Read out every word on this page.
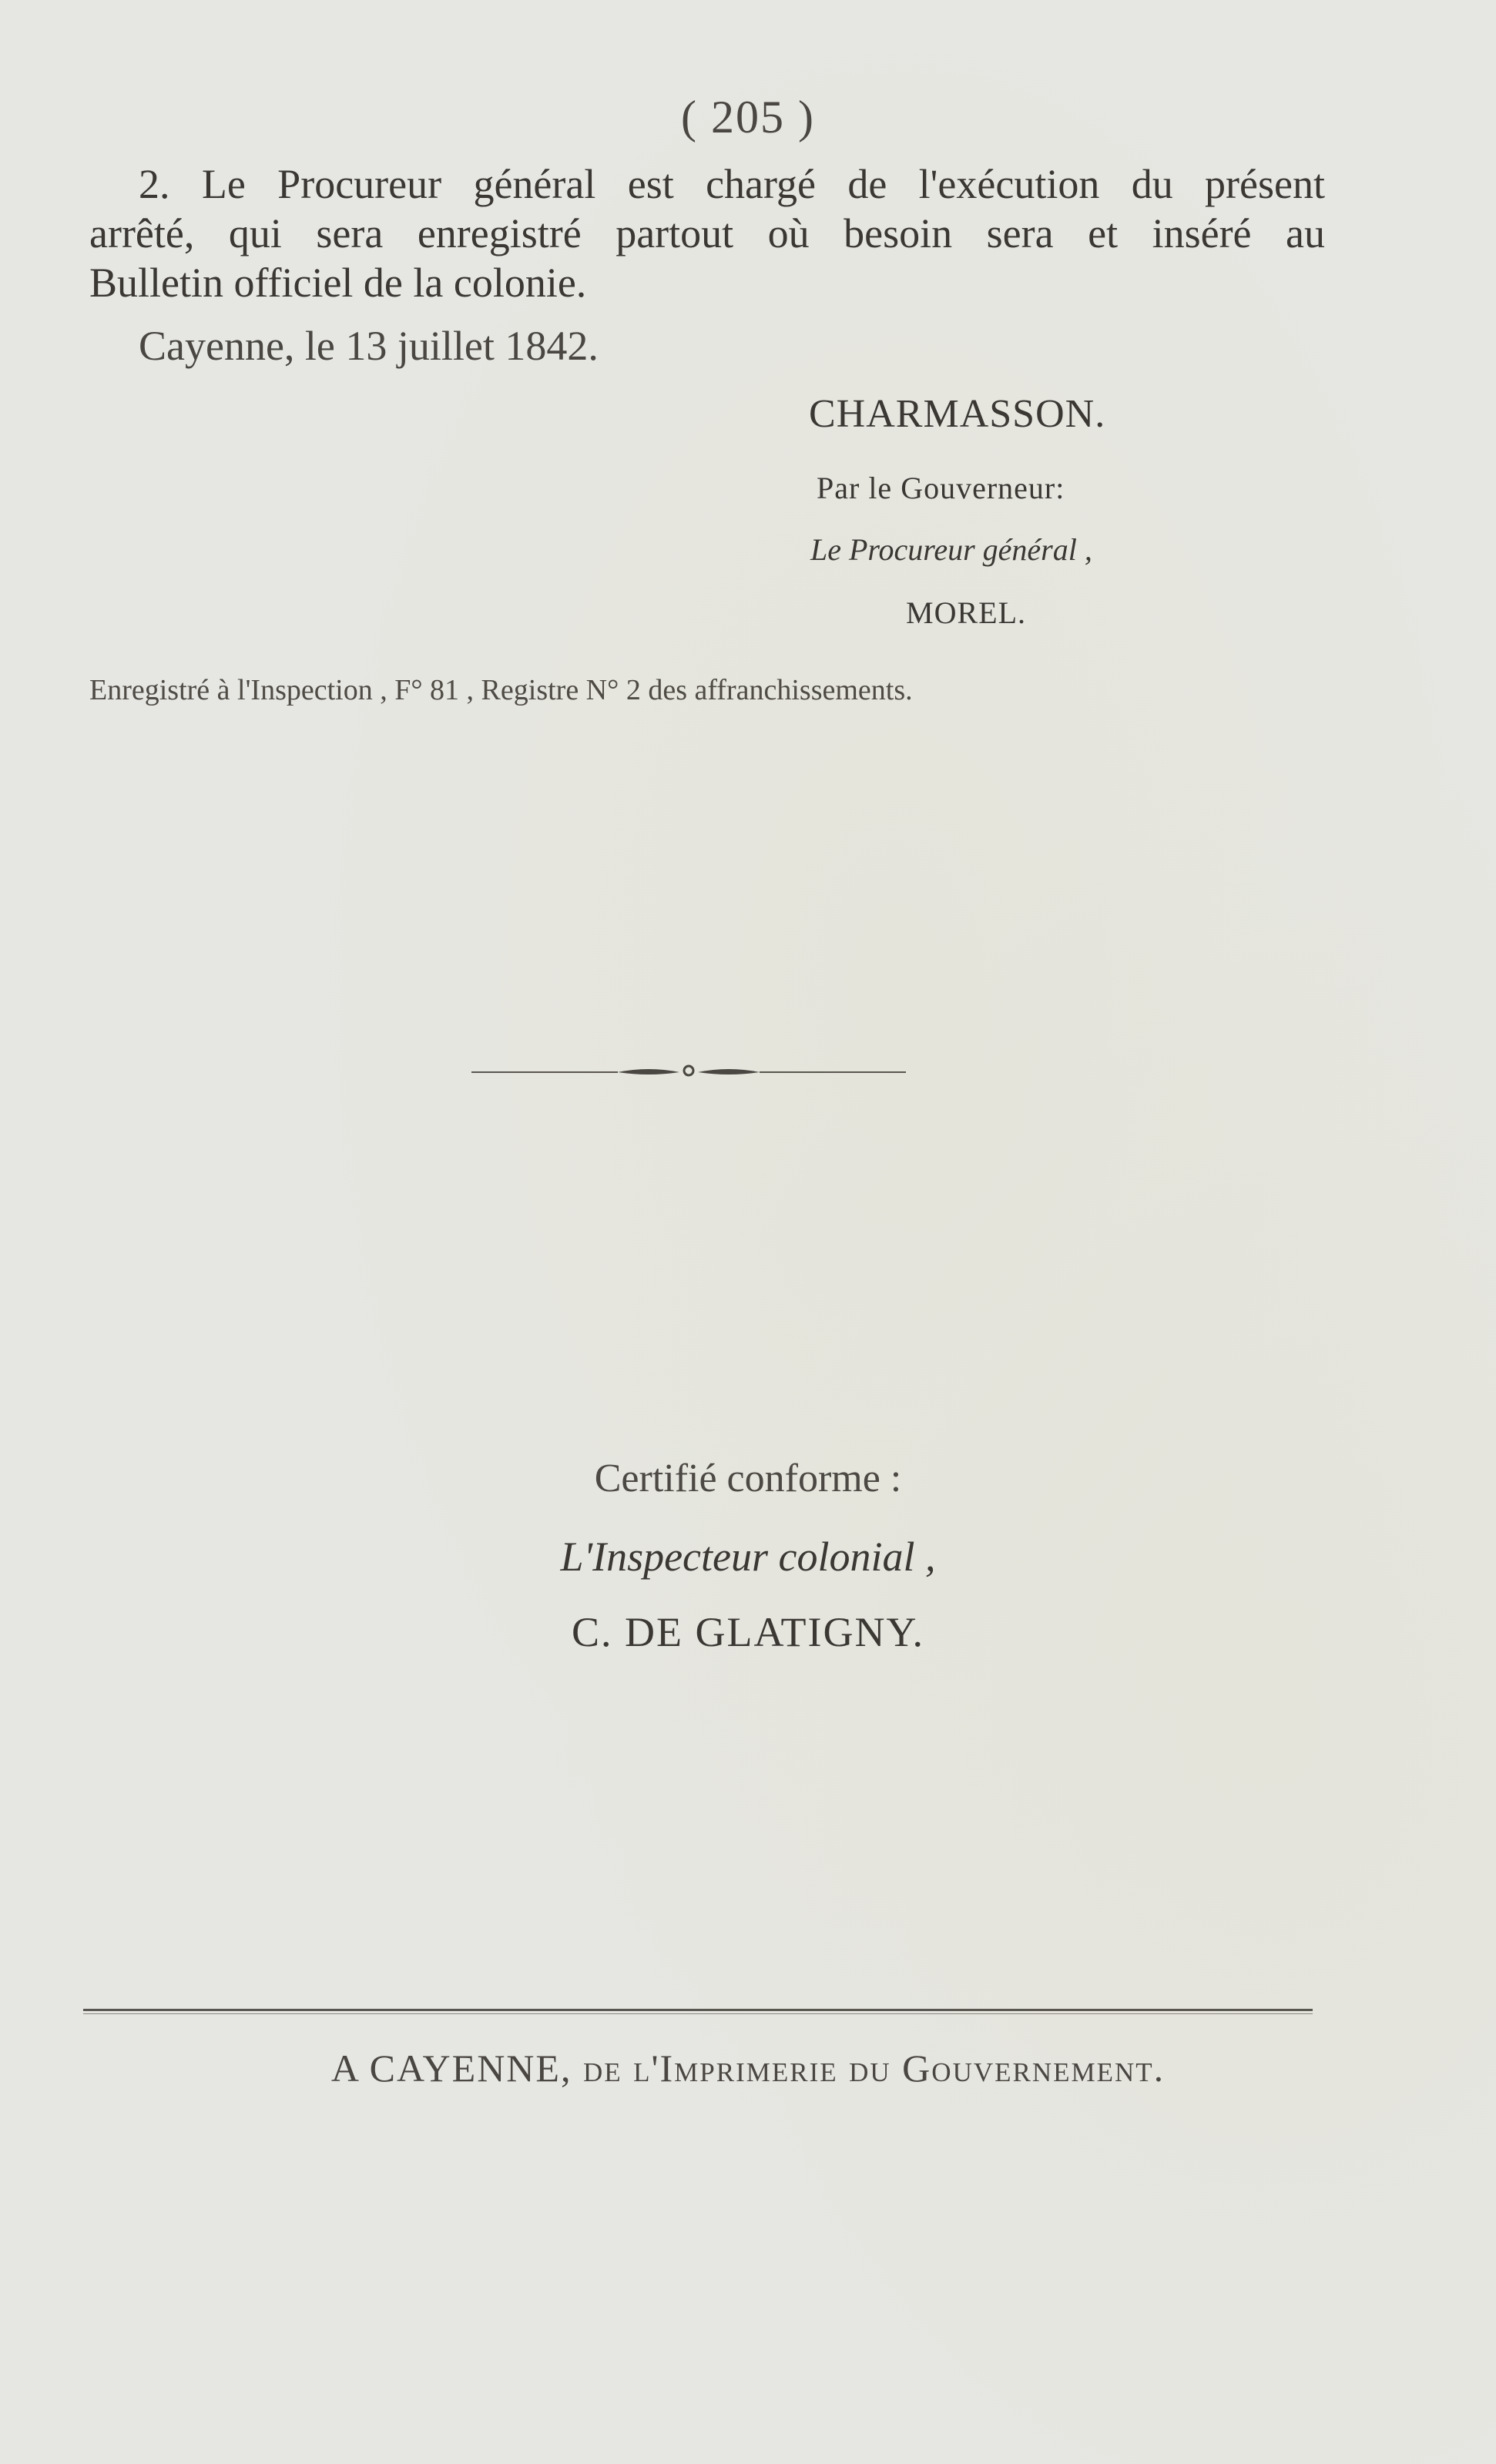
( 205 )
2. Le Procureur général est chargé de l'exécution du présent
arrêté, qui sera enregistré partout où besoin sera et inséré au
Bulletin officiel de la colonie.
Cayenne, le 13 juillet 1842.
CHARMASSON.
Par le Gouverneur:
Le Procureur général ,
MOREL.
Enregistré à l'Inspection , F° 81 , Registre N° 2 des affranchissements.
Certifié conforme :
L'Inspecteur colonial ,
C. DE GLATIGNY.
A CAYENNE, de l'Imprimerie du Gouvernement.
